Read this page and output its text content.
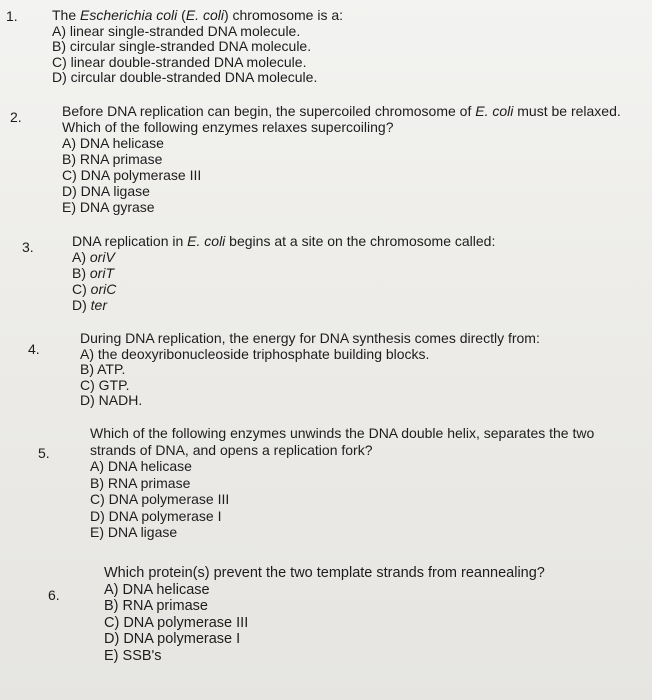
1. The Escherichia coli (E. coli) chromosome is a:

A) linear single-stranded DNA molecule.
B) circular single-stranded DNA molecule.
C) linear double-stranded DNA molecule.
D) circular double-stranded DNA molecule.
2.	Before DNA replication can begin, the supercoiled chromosome of E. coli must be relaxed. Which of the following enzymes relaxes supercoiling?

A) DNA helicase
B) RNA primase
C) DNA polymerase III
D) DNA ligase
E) DNA gyrase
3.	DNA replication in E. coli begins at a site on the chromosome called:

A) oriV
B) oriT
C) oriC
D) ter
4.

During DNA replication, the energy for DNA synthesis comes directly from:

A) the deoxyribonucleoside triphosphate building blocks.
B) ATP.
C) GTP.
D) NADH.
5.

Which of the following enzymes unwinds the DNA double helix, separates the two strands of DNA, and opens a replication fork?

A) DNA helicase
B) RNA primase
C) DNA polymerase III
D) DNA polymerase I
E) DNA ligase
6.

Which protein(s) prevent the two template strands from reannealing?

A) DNA helicase
B) RNA primase
C) DNA polymerase III
D) DNA polymerase I
E) SSB's
